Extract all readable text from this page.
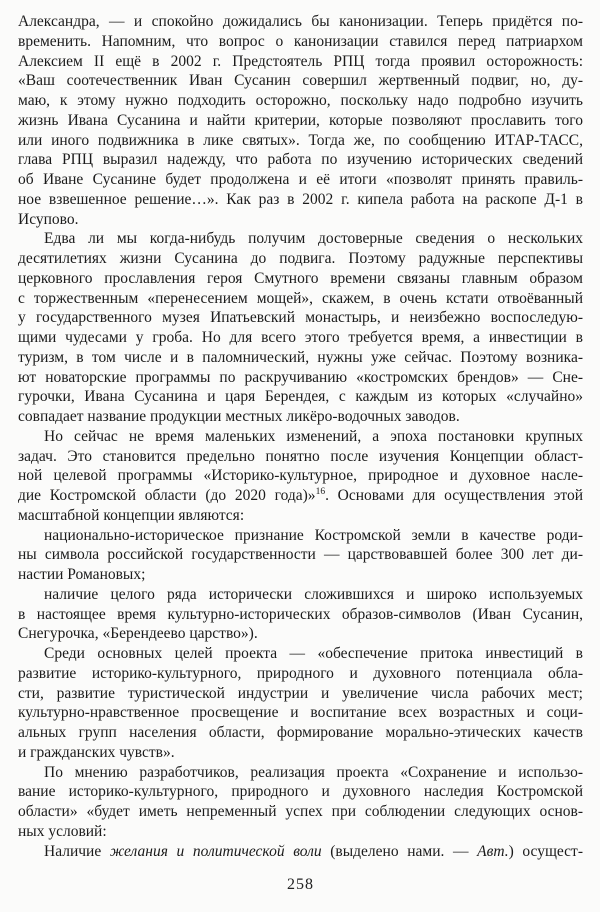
Александра, — и спокойно дожидались бы канонизации. Теперь придётся по-
временить. Напомним, что вопрос о канонизации ставился перед патриархом
Алексием II ещё в 2002 г. Предстоятель РПЦ тогда проявил осторожность:
«Ваш соотечественник Иван Сусанин совершил жертвенный подвиг, но, ду-
маю, к этому нужно подходить осторожно, поскольку надо подробно изучить
жизнь Ивана Сусанина и найти критерии, которые позволяют прославить того
или иного подвижника в лике святых». Тогда же, по сообщению ИТАР-ТАСС,
глава РПЦ выразил надежду, что работа по изучению исторических сведений
об Иване Сусанине будет продолжена и её итоги «позволят принять правиль-
ное взвешенное решение…». Как раз в 2002 г. кипела работа на раскопе Д-1 в
Исупово.
Едва ли мы когда-нибудь получим достоверные сведения о нескольких
десятилетиях жизни Сусанина до подвига. Поэтому радужные перспективы
церковного прославления героя Смутного времени связаны главным образом
с торжественным «перенесением мощей», скажем, в очень кстати отвоёванный
у государственного музея Ипатьевский монастырь, и неизбежно воспоследую-
щими чудесами у гроба. Но для всего этого требуется время, а инвестиции в
туризм, в том числе и в паломнический, нужны уже сейчас. Поэтому возника-
ют новаторские программы по раскручиванию «костромских брендов» — Сне-
гурочки, Ивана Сусанина и царя Берендея, с каждым из которых «случайно»
совпадает название продукции местных ликёро-водочных заводов.
Но сейчас не время маленьких изменений, а эпоха постановки крупных
задач. Это становится предельно понятно после изучения Концепции област-
ной целевой программы «Историко-культурное, природное и духовное насле-
дие Костромской области (до 2020 года)»$^{16}$. Основами для осуществления этой
масштабной концепции являются:
национально-историческое признание Костромской земли в качестве роди-
ны символа российской государственности — царствовавшей более 300 лет ди-
настии Романовых;
наличие целого ряда исторически сложившихся и широко используемых
в настоящее время культурно-исторических образов-символов (Иван Сусанин,
Снегурочка, «Берендеево царство»).
Среди основных целей проекта — «обеспечение притока инвестиций в
развитие историко-культурного, природного и духовного потенциала обла-
сти, развитие туристической индустрии и увеличение числа рабочих мест;
культурно-нравственное просвещение и воспитание всех возрастных и соци-
альных групп населения области, формирование морально-этических качеств
и гражданских чувств».
По мнению разработчиков, реализация проекта «Сохранение и использо-
вание историко-культурного, природного и духовного наследия Костромской
области» «будет иметь непременный успех при соблюдении следующих основ-
ных условий:
Наличие желания и политической воли (выделено нами. — Авт.) осущест-
258
